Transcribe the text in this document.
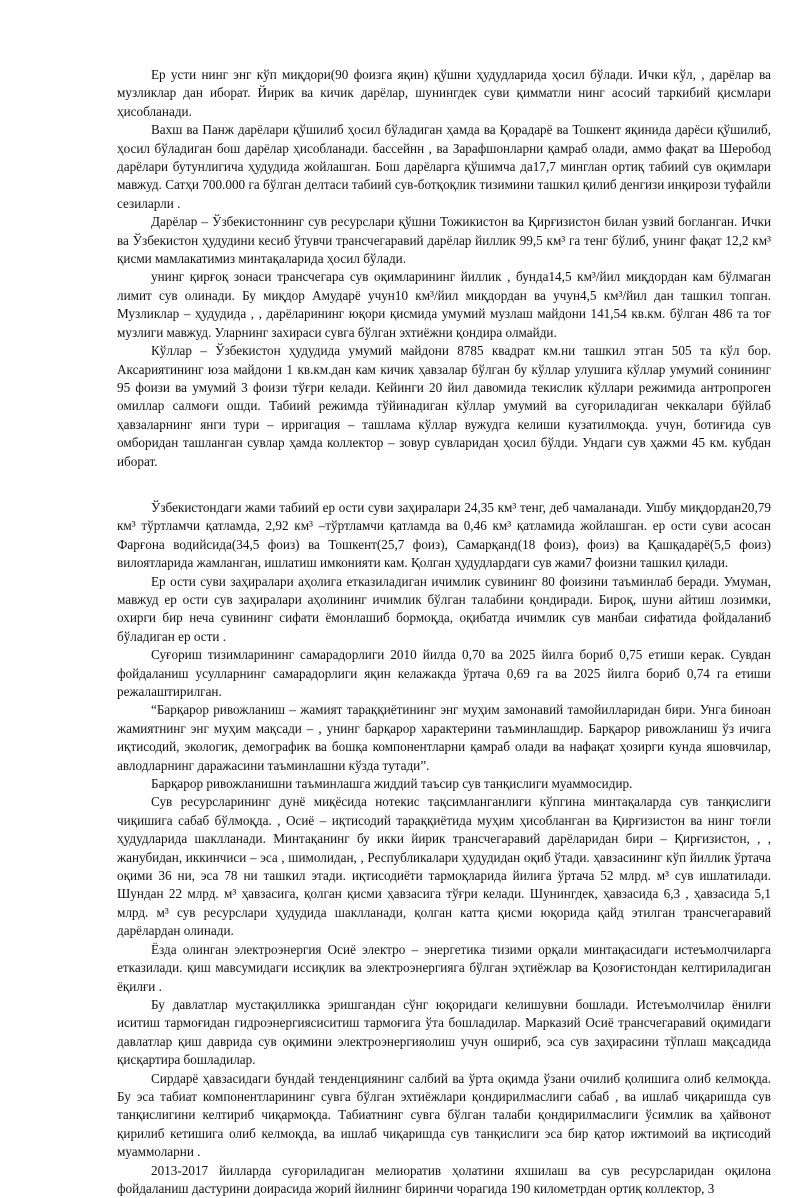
Ер усти нинг энг кўп миқдори(90 фоизга яқин) қўшни ҳудудларида ҳосил бўлади. Ички кўл, , дарёлар ва музликлар дан иборат. Йирик ва кичик дарёлар, шунингдек суви қимматли нинг асосий таркибий қисмлари ҳисобланади.

Вахш ва Панж дарёлари қўшилиб ҳосил бўладиган ҳамда ва Қорадарё ва Тошкент яқинида дарёси қўшилиб, ҳосил бўладиган бош дарёлар ҳисобланади. бассейнн , ва Зарафшонларни қамраб олади, аммо фақат ва Шеробод дарёлари бутунлигича ҳудудида жойлашган. Бош дарёларга қўшимча да17,7 минглан ортиқ табиий сув оқимлари мавжуд. Сатҳи 700.000 га бўлган делтаси табиий сув-ботқоқлик тизимини ташкил қилиб денгизи инқирози туфайли сезиларли .

Дарёлар – Ўзбекистоннинг сув ресурслари қўшни Тожикистон ва Қирғизистон билан узвий богланган. Ички ва Ўзбекистон ҳудудини кесиб ўтувчи трансчегаравий дарёлар йиллик 99,5 км³ га тенг бўлиб, унинг фақат 12,2 км³ қисми мамлакатимиз минтақаларида ҳосил бўлади.

унинг қирғоқ зонаси трансчегара сув оқимларининг йиллик , бунда14,5 км³/йил миқдордан кам бўлмаган лимит сув олинади. Бу миқдор Амударё учун10 км³/йил миқдордан ва учун4,5 км³/йил дан ташкил топган. Музликлар – ҳудудида , , дарёларининг юқори қисмида умумий музлаш майдони 141,54 кв.км. бўлган 486 та тоғ музлиги мавжуд. Уларнинг захираси сувга бўлган эхтиёжни қондира олмайди.

Кўллар – Ўзбекистон ҳудудида умумий майдони 8785 квадрат км.ни ташкил этган 505 та кўл бор. Аксариятининг юза майдони 1 кв.км.дан кам кичик ҳавзалар бўлган бу кўллар улушига кўллар умумий сонининг 95 фоизи ва умумий 3 фоизи тўғри келади. Кейинги 20 йил давомида текислик кўллари режимида антропроген омиллар салмоғи ошди. Табиий режимда тўйинадиган кўллар умумий ва суғориладиган чеккалари бўйлаб ҳавзаларнинг янги тури – ирригация – ташлама кўллар вужудга келиши кузатилмоқда. учун, ботиғида сув омборидан ташланган сувлар ҳамда коллектор – зовур сувларидан ҳосил бўлди. Ундаги сув ҳажми 45 км. кубдан иборат.

Ўзбекистондаги жами табиий ер ости суви заҳиралари 24,35 км³ тенг, деб чамаланади. Ушбу миқдордан20,79 км³ тўртламчи қатламда, 2,92 км³ –тўртламчи қатламда ва 0,46 км³ қатламида жойлашган. ер ости суви асосан Фарғона водийсида(34,5 фоиз) ва Тошкент(25,7 фоиз), Самарқанд(18 фоиз), фоиз) ва Қашқадарё(5,5 фоиз) вилоятларида жамланган, ишлатиш имконияти кам. Қолган ҳудудлардаги сув жами7 фоизни ташкил қилади.

Ер ости суви заҳиралари аҳолига етказиладиган ичимлик сувининг 80 фоизини таъминлаб беради. Умуман, мавжуд ер ости сув заҳиралари аҳолининг ичимлик бўлган талабини қондиради. Бироқ, шуни айтиш лозимки, охирги бир неча сувининг сифати ёмонлашиб бормоқда, оқибатда ичимлик сув манбаи сифатида фойдаланиб бўладиган ер ости .

Суғориш тизимларининг самарадорлиги 2010 йилда 0,70 ва 2025 йилга бориб 0,75 етиши керак. Сувдан фойдаланиш усулларнинг самарадорлиги яқин келажакда ўртача 0,69 га ва 2025 йилга бориб 0,74 га етиши режалаштирилган.

“Барқарор ривожланиш – жамият тараққиётининг энг муҳим замонавий тамойилларидан бири. Унга биноан жамиятнинг энг муҳим мақсади – , унинг барқарор характерини таъминлашдир. Барқарор ривожланиш ўз ичига иқтисодий, экологик, демографик ва бошқа компонентларни қамраб олади ва нафақат ҳозирги кунда яшовчилар, авлодларнинг даражасини таъминлашни кўзда тутади”.

Барқарор ривожланишни таъминлашга жиддий таъсир сув танқислиги муаммосидир.

Сув ресурсларининг дунё миқёсида нотекис тақсимланганлиги кўпгина минтақаларда сув танқислиги чиқишига сабаб бўлмоқда. , Осиё – иқтисодий тараққиётида муҳим ҳисобланган ва Қирғизистон ва нинг тоғли ҳудудларида шаклланади. Минтақанинг бу икки йирик трансчегаравий дарёларидан бири – Қирғизистон, , , жанубидан, иккинчиси – эса , шимолидан, , Республикалари ҳудудидан оқиб ўтади. ҳавзасининг кўп йиллик ўртача оқими 36 ни, эса 78 ни ташкил этади. иқтисодиёти тармоқларида йилига ўртача 52 млрд. м³ сув ишлатилади. Шундан 22 млрд. м³ ҳавзасига, қолган қисми ҳавзасига тўғри келади. Шунингдек, ҳавзасида 6,3 , ҳавзасида 5,1 млрд. м³ сув ресурслари ҳудудида шаклланади, қолган катта қисми юқорида қайд этилган трансчегаравий дарёлардан олинади.

Ёзда олинган электроэнергия Осиё электро – энергетика тизими орқали минтақасидаги истеъмолчиларга етказилади. қиш мавсумидаги иссиқлик ва электроэнергияга бўлган эҳтиёжлар ва Қозоғистондан келтириладиган ёқилғи .

Бу давлатлар мустақилликка эришгандан сўнг юқоридаги келишувни бошлади. Истеъмолчилар ёнилғи иситиш тармоғидан гидроэнергиясиситиш тармоғига ўта бошладилар. Марказий Осиё трансчегаравий оқимидаги давлатлар қиш даврида сув оқимини электроэнергияолиш учун ошириб, эса сув заҳирасини тўплаш мақсадида қисқартира бошладилар.

Сирдарё ҳавзасидаги бундай тенденциянинг салбий ва ўрта оқимда ўзани очилиб қолишига олиб келмоқда. Бу эса табиат компонентларининг сувга бўлган эхтиёжлари қондирилмаслиги сабаб , ва ишлаб чиқаришда сув танқислигини келтириб чиқармоқда. Табиатнинг сувга бўлган талаби қондирилмаслиги ўсимлик ва ҳайвонот қирилиб кетишига олиб келмоқда, ва ишлаб чиқаришда сув танқислиги эса бир қатор ижтимоий ва иқтисодий муаммоларни .

2013-2017 йилларда суғориладиган мелиоратив ҳолатини яхшилаш ва сув ресурсларидан оқилона фойдаланиш дастурини доирасида жорий йилнинг биринчи чорагида 190 километрдан ортиқ коллектор, 3
